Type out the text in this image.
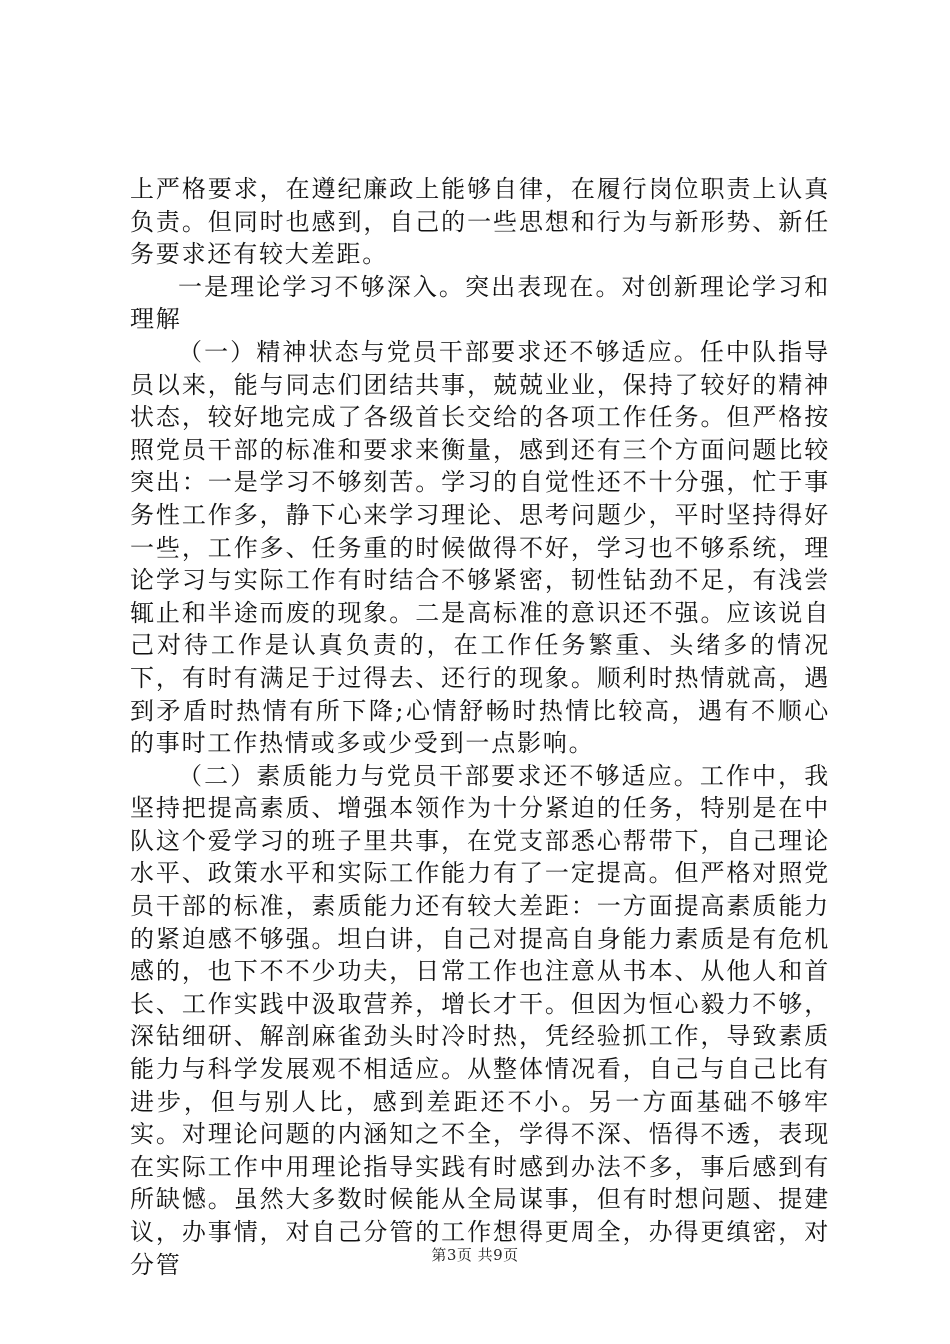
上严格要求，在遵纪廉政上能够自律，在履行岗位职责上认真负责。但同时也感到，自己的一些思想和行为与新形势、新任务要求还有较大差距。

一是理论学习不够深入。突出表现在。对创新理论学习和理解

（一）精神状态与党员干部要求还不够适应。任中队指导员以来，能与同志们团结共事，兢兢业业，保持了较好的精神状态，较好地完成了各级首长交给的各项工作任务。但严格按照党员干部的标准和要求来衡量，感到还有三个方面问题比较突出：一是学习不够刻苦。学习的自觉性还不十分强，忙于事务性工作多，静下心来学习理论、思考问题少，平时坚持得好一些，工作多、任务重的时候做得不好，学习也不够系统，理论学习与实际工作有时结合不够紧密，韧性钻劲不足，有浅尝辄止和半途而废的现象。二是高标准的意识还不强。应该说自己对待工作是认真负责的，在工作任务繁重、头绪多的情况下，有时有满足于过得去、还行的现象。顺利时热情就高，遇到矛盾时热情有所下降;心情舒畅时热情比较高，遇有不顺心的事时工作热情或多或少受到一点影响。

（二）素质能力与党员干部要求还不够适应。工作中，我坚持把提高素质、增强本领作为十分紧迫的任务，特别是在中队这个爱学习的班子里共事，在党支部悉心帮带下，自己理论水平、政策水平和实际工作能力有了一定提高。但严格对照党员干部的标准，素质能力还有较大差距：一方面提高素质能力的紧迫感不够强。坦白讲，自己对提高自身能力素质是有危机感的，也下不不少功夫，日常工作也注意从书本、从他人和首长、工作实践中汲取营养，增长才干。但因为恒心毅力不够，深钻细研、解剖麻雀劲头时冷时热，凭经验抓工作，导致素质能力与科学发展观不相适应。从整体情况看，自己与自己比有进步，但与别人比，感到差距还不小。另一方面基础不够牢实。对理论问题的内涵知之不全，学得不深、悟得不透，表现在实际工作中用理论指导实践有时感到办法不多，事后感到有所缺憾。虽然大多数时候能从全局谋事，但有时想问题、提建议，办事情，对自己分管的工作想得更周全，办得更缜密，对分管	第3页 共9页
